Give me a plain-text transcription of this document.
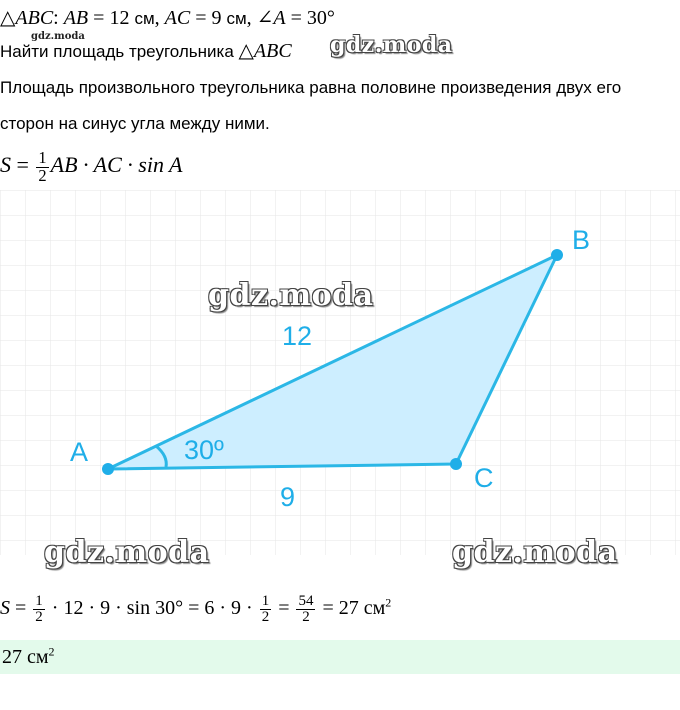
△ABC: AB = 12 см, AC = 9 см, ∠A = 30°
gdz.moda
Найти площадь треугольника △ABC gdz.moda
Площадь произвольного треугольника равна половине произведения двух его
сторон на синус угла между ними.
$S = \frac{1}{2}$ AB · AC · sin A
A
B
C
12
9
30º
gdz.moda
gdz.moda	gdz.moda
$S = \frac{1}{2} \cdot 12 \cdot 9 \cdot \sin 30^\circ = 6 \cdot 9 \cdot \frac{1}{2} = \frac{54}{2} = 27$ $см^2$
27 $см^2$
